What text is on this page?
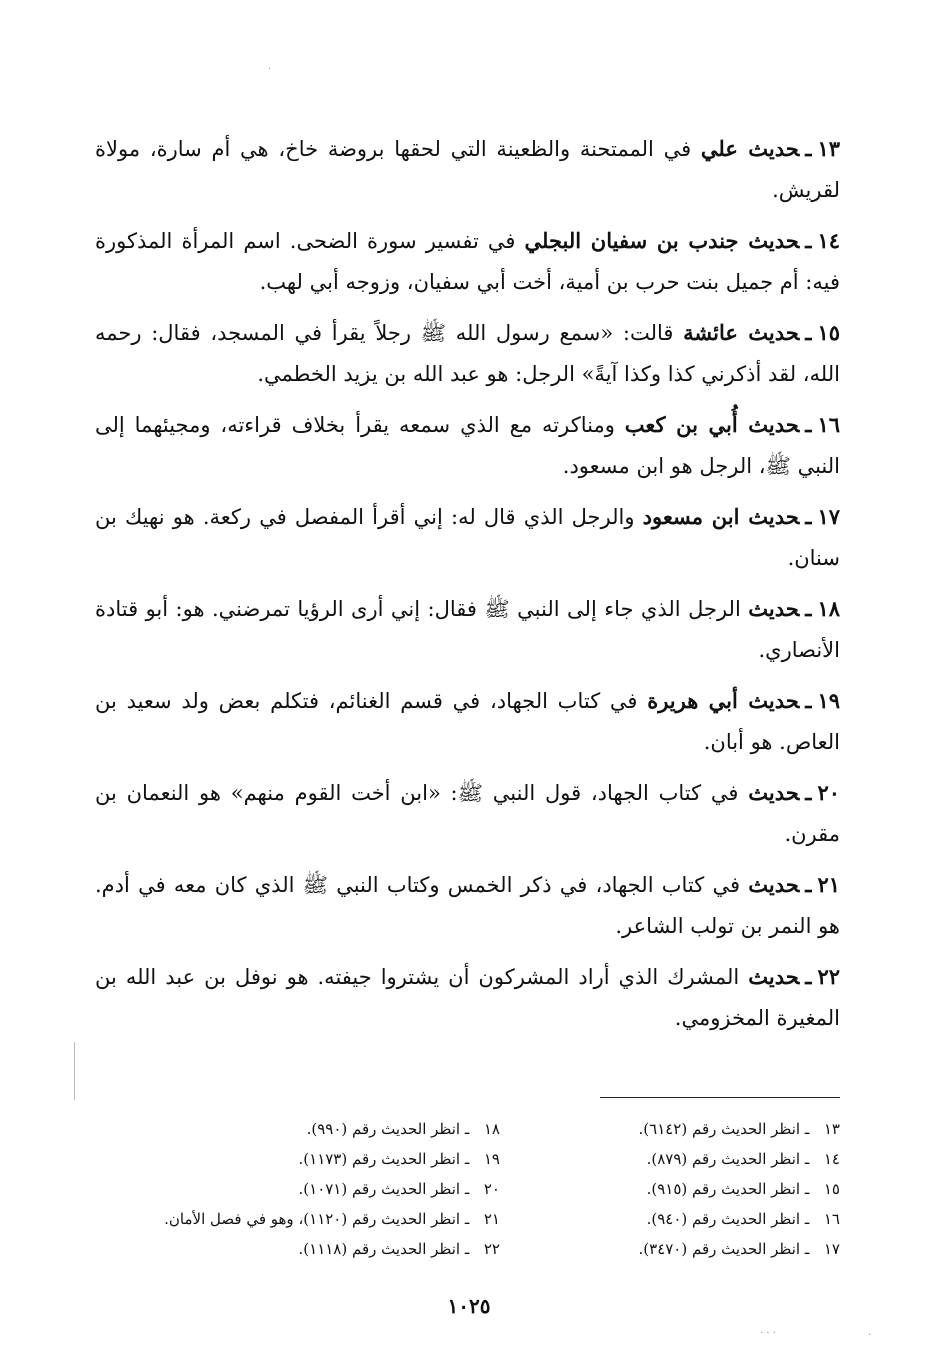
١٣ـحديث علي في الممتحنة والظعينة التي لحقها بروضة خاخ، هي أم سارة، مولاة لقريش.

١٤ـحديث جندب بن سفيان البجلي في تفسير سورة الضحى. اسم المرأة المذكورة فيه: أم جميل بنت حرب بن أمية، أخت أبي سفيان، وزوجه أبي لهب.

١٥ـحديث عائشة قالت: «سمع رسول الله ﷺ رجلاً يقرأ في المسجد، فقال: رحمه الله، لقد أذكرني كذا وكذا آيةً» الرجل: هو عبد الله بن يزيد الخطمي.

١٦ـحديث أُبي بن كعب ومناكرته مع الذي سمعه يقرأ بخلاف قراءته، ومجيئهما إلى النبي ﷺ، الرجل هو ابن مسعود.

١٧ـحديث ابن مسعود والرجل الذي قال له: إني أقرأ المفصل في ركعة. هو نهيك بن سنان.

١٨ـحديث الرجل الذي جاء إلى النبي ﷺ فقال: إني أرى الرؤيا تمرضني. هو: أبو قتادة الأنصاري.

١٩ـحديث أبي هريرة في كتاب الجهاد، في قسم الغنائم، فتكلم بعض ولد سعيد بن العاص. هو أبان.

٢٠ـحديث في كتاب الجهاد، قول النبي ﷺ: «ابن أخت القوم منهم» هو النعمان بن مقرن.

٢١ـحديث في كتاب الجهاد، في ذكر الخمس وكتاب النبي ﷺ الذي كان معه في أدم. هو النمر بن تولب الشاعر.

٢٢ـحديث المشرك الذي أراد المشركون أن يشتروا جيفته. هو نوفل بن عبد الله بن المغيرة المخزومي.

١٣ ـ انظر الحديث رقم (٦١٤٢).
١٤ ـ انظر الحديث رقم (٨٧٩).
١٥ ـ انظر الحديث رقم (٩١٥).
١٦ ـ انظر الحديث رقم (٩٤٠).
١٧ ـ انظر الحديث رقم (٣٤٧٠).
١٨ ـ انظر الحديث رقم (٩٩٠).
١٩ ـ انظر الحديث رقم (١١٧٣).
٢٠ ـ انظر الحديث رقم (١٠٧١).
٢١ ـ انظر الحديث رقم (١١٢٠)، وهو في فصل الأمان.
٢٢ ـ انظر الحديث رقم (١١١٨).
١٠٢٥
·
· · ·	·
